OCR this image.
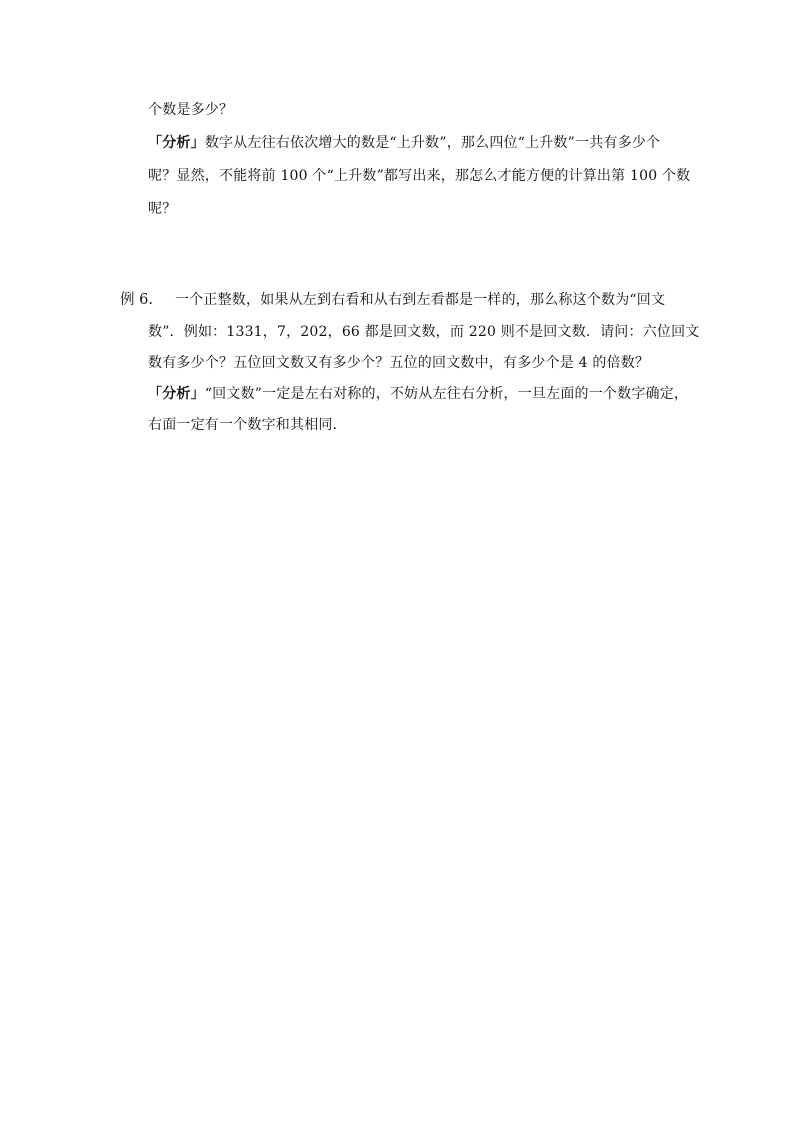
个数是多少？
「分析」数字从左往右依次增大的数是“上升数”，那么四位“上升数”一共有多少个
呢？显然，不能将前 100 个“上升数”都写出来，那怎么才能方便的计算出第 100 个数
呢？
例 6. 一个正整数，如果从左到右看和从右到左看都是一样的，那么称这个数为“回文
数”．例如：1331，7，202，66 都是回文数，而 220 则不是回文数．请问：六位回文
数有多少个？五位回文数又有多少个？五位的回文数中，有多少个是 4 的倍数？
「分析」“回文数”一定是左右对称的，不妨从左往右分析，一旦左面的一个数字确定，
右面一定有一个数字和其相同．
